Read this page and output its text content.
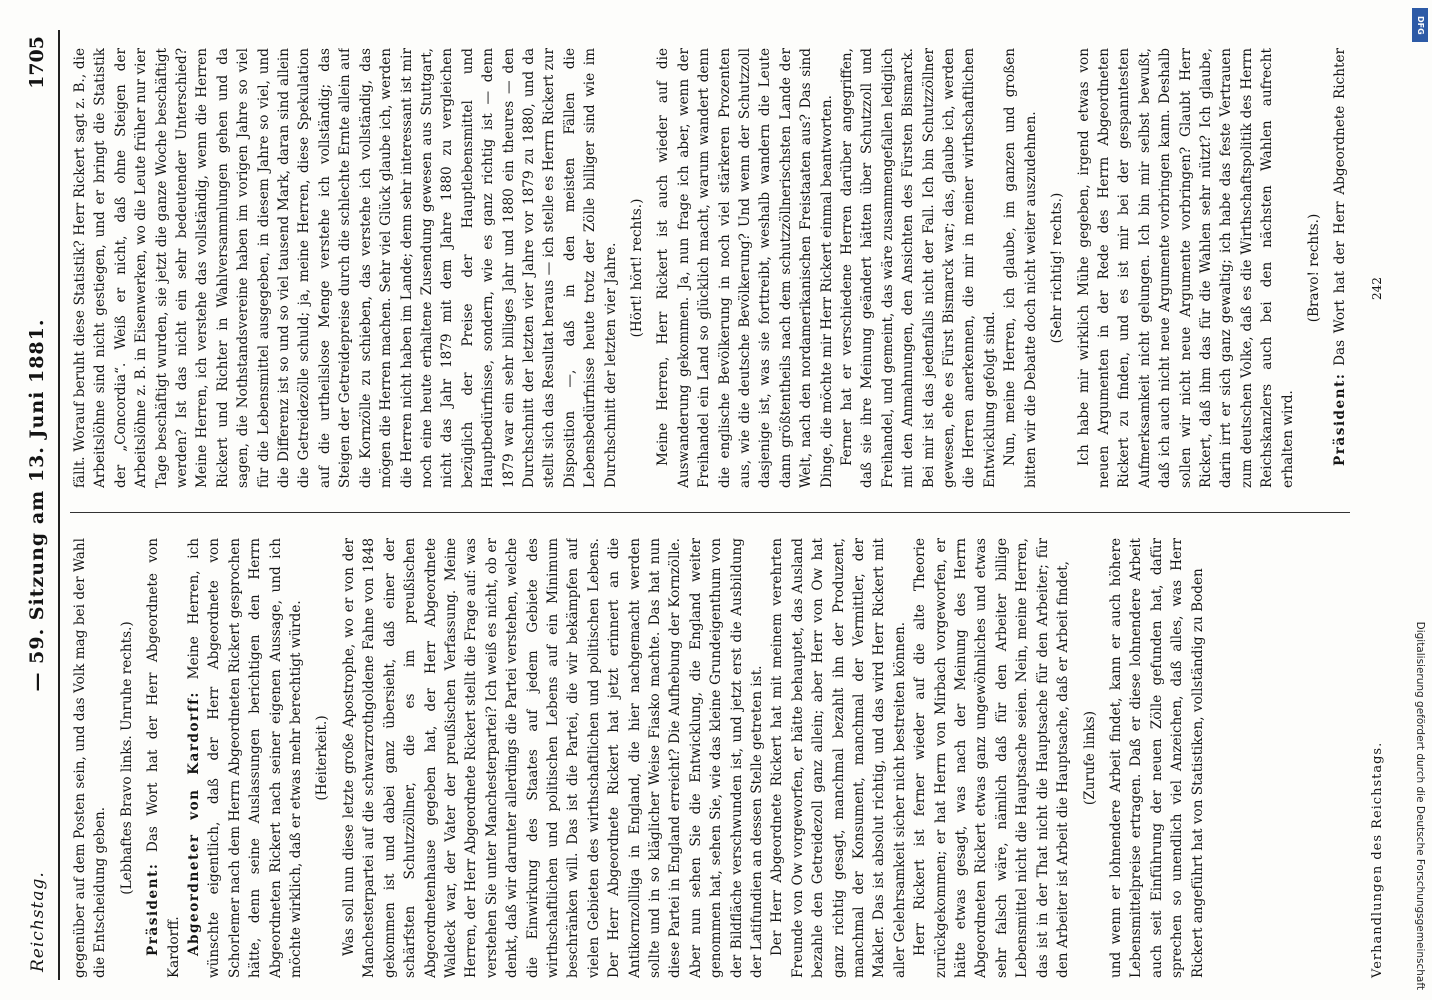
Reichstag.
— 59. Sitzung am 13. Juni 1881.
1705

gegenüber auf dem Posten sein, und das Volk mag bei der Wahl die Entscheidung geben. (Lebhaftes Bravo links. Unruhe rechts.)

Präsident: Das Wort hat der Herr Abgeordnete von Kardorff. Abgeordneter von Kardorff: Meine Herren, ich wünschte eigentlich, daß der Herr Abgeordnete von Schorlemer nach dem Herrn Abgeordneten Rickert gesprochen hätte, denn seine Auslassungen berichtigen den Herrn Abgeordneten Rickert nach seiner eigenen Aussage, und ich möchte wirklich, daß er etwas mehr berechtigt würde. (Heiterkeit.) Was soll nun diese letzte große Apostrophe, wo er von der Manchesterpartei auf die schwarzrothgoldene Fahne von 1848 gekommen ist und dabei ganz übersieht, daß einer der schärfsten Schutzzöllner, die es im preußischen Abgeordnetenhause gegeben hat, der Herr Abgeordnete Waldeck war, der Vater der preußischen Verfassung. Meine Herren, der Herr Abgeordnete Rickert stellt die Frage auf: was verstehen Sie unter Manchesterpartei? Ich weiß es nicht, ob er denkt, daß wir darunter allerdings die Partei verstehen, welche die Einwirkung des Staates auf jedem Gebiete des wirthschaftlichen und politischen Lebens auf ein Minimum beschränken will. Das ist die Partei, die wir bekämpfen auf vielen Gebieten des wirthschaftlichen und politischen Lebens. Der Herr Abgeordnete Rickert hat jetzt erinnert an die Antikornzollliga in England, die hier nachgemacht werden sollte und in so kläglicher Weise Fiasko machte. Das hat nun diese Partei in England erreicht? Die Aufhebung der Kornzölle. Aber nun sehen Sie die Entwicklung, die England weiter genommen hat, sehen Sie, wie das kleine Grundeigenthum von der Bildfläche verschwunden ist, und jetzt erst die Ausbildung der Latifundien an dessen Stelle getreten ist. Der Herr Abgeordnete Rickert hat mit meinem verehrten Freunde von Ow vorgeworfen, er hätte behauptet, das Ausland bezahle den Getreidezoll ganz allein; aber Herr von Ow hat ganz richtig gesagt, manchmal bezahlt ihn der Produzent, manchmal der Konsument, manchmal der Vermittler, der Makler. Das ist absolut richtig, und das wird Herr Rickert mit aller Gelehrsamkeit sicher nicht bestreiten können. Herr Rickert ist ferner wieder auf die alte Theorie zurückgekommen; er hat Herrn von Mirbach vorgeworfen, er hätte etwas gesagt, was nach der Meinung des Herrn Abgeordneten Rickert etwas ganz ungewöhnliches und etwas sehr falsch wäre, nämlich daß für den Arbeiter billige Lebensmittel nicht die Hauptsache seien. Nein, meine Herren, das ist in der That nicht die Hauptsache für den Arbeiter; für den Arbeiter ist Arbeit die Hauptsache, daß er Arbeit findet, (Zurufe links) und wenn er lohnendere Arbeit findet, kann er auch höhere Lebensmittelpreise ertragen. Daß er diese lohnendere Arbeit auch seit Einführung der neuen Zölle gefunden hat, dafür sprechen so unendlich viel Anzeichen, daß alles, was Herr Rickert angeführt hat von Statistiken, vollständig zu Boden

fällt. Worauf beruht diese Statistik? Herr Rickert sagt z. B., die Arbeitslöhne sind nicht gestiegen, und er bringt die Statistik der „Concordia“. Weiß er nicht, daß ohne Steigen der Arbeitslöhne z. B. in Eisenwerken, wo die Leute früher nur vier Tage beschäftigt wurden, sie jetzt die ganze Woche beschäftigt werden? Ist das nicht ein sehr bedeutender Unterschied? Meine Herren, ich verstehe das vollständig, wenn die Herren Rickert und Richter in Wahlversammlungen gehen und da sagen, die Nothstandsvereine haben im vorigen Jahre so viel für die Lebensmittel ausgegeben, in diesem Jahre so viel, und die Differenz ist so und so viel tausend Mark, daran sind allein die Getreidezölle schuld; ja, meine Herren, diese Spekulation auf die urtheilslose Menge verstehe ich vollständig; das Steigen der Getreidepreise durch die schlechte Ernte allein auf die Kornzölle zu schieben, das verstehe ich vollständig, das mögen die Herren machen. Sehr viel Glück glaube ich, werden die Herren nicht haben im Lande; denn sehr interessant ist mir noch eine heute erhaltene Zusendung gewesen aus Stuttgart, nicht das Jahr 1879 mit dem Jahre 1880 zu vergleichen bezüglich der Preise der Hauptlebensmittel und Hauptbedürfnisse, sondern, wie es ganz richtig ist — denn 1879 war ein sehr billiges Jahr und 1880 ein theures — den Durchschnitt der letzten vier Jahre vor 1879 zu 1880, und da stellt sich das Resultat heraus — ich stelle es Herrn Rickert zur Disposition —, daß in den meisten Fällen die Lebensbedürfnisse heute trotz der Zölle billiger sind wie im Durchschnitt der letzten vier Jahre. (Hört! hört! rechts.) Meine Herren, Herr Rickert ist auch wieder auf die Auswanderung gekommen. Ja, nun frage ich aber, wenn der Freihandel ein Land so glücklich macht, warum wandert denn die englische Bevölkerung in noch viel stärkeren Prozenten aus, wie die deutsche Bevölkerung? Und wenn der Schutzzoll dasjenige ist, was sie forttreibt, weshalb wandern die Leute dann größtentheils nach dem schutzzöllnerischsten Lande der Welt, nach den nordamerikanischen Freistaaten aus? Das sind Dinge, die möchte mir Herr Rickert einmal beantworten. Ferner hat er verschiedene Herren darüber angegriffen, daß sie ihre Meinung geändert hätten über Schutzzoll und Freihandel, und gemeint, das wäre zusammengefallen lediglich mit den Anmahnungen, den Ansichten des Fürsten Bismarck. Bei mir ist das jedenfalls nicht der Fall. Ich bin Schutzzöllner gewesen, ehe es Fürst Bismarck war; das, glaube ich, werden die Herren anerkennen, die mir in meiner wirthschaftlichen Entwicklung gefolgt sind. Nun, meine Herren, ich glaube, im ganzen und großen bitten wir die Debatte doch nicht weiter auszudehnen. (Sehr richtig! rechts.) Ich habe mir wirklich Mühe gegeben, irgend etwas von neuen Argumenten in der Rede des Herrn Abgeordneten Rickert zu finden, und es ist mir bei der gespanntesten Aufmerksamkeit nicht gelungen. Ich bin mir selbst bewußt, daß ich auch nicht neue Argumente vorbringen kann. Deshalb sollen wir nicht neue Argumente vorbringen? Glaubt Herr Rickert, daß ihm das für die Wahlen sehr nützt? Ich glaube, darin irrt er sich ganz gewaltig; ich habe das feste Vertrauen zum deutschen Volke, daß es die Wirthschaftspolitik des Herrn Reichskanzlers auch bei den nächsten Wahlen aufrecht erhalten wird.

(Bravo! rechts.)

Präsident: Das Wort hat der Herr Abgeordnete Richter

Verhandlungen des Reichstags.
242
Digitalisierung gefördert durch die Deutsche Forschungsgemeinschaft
DFG
